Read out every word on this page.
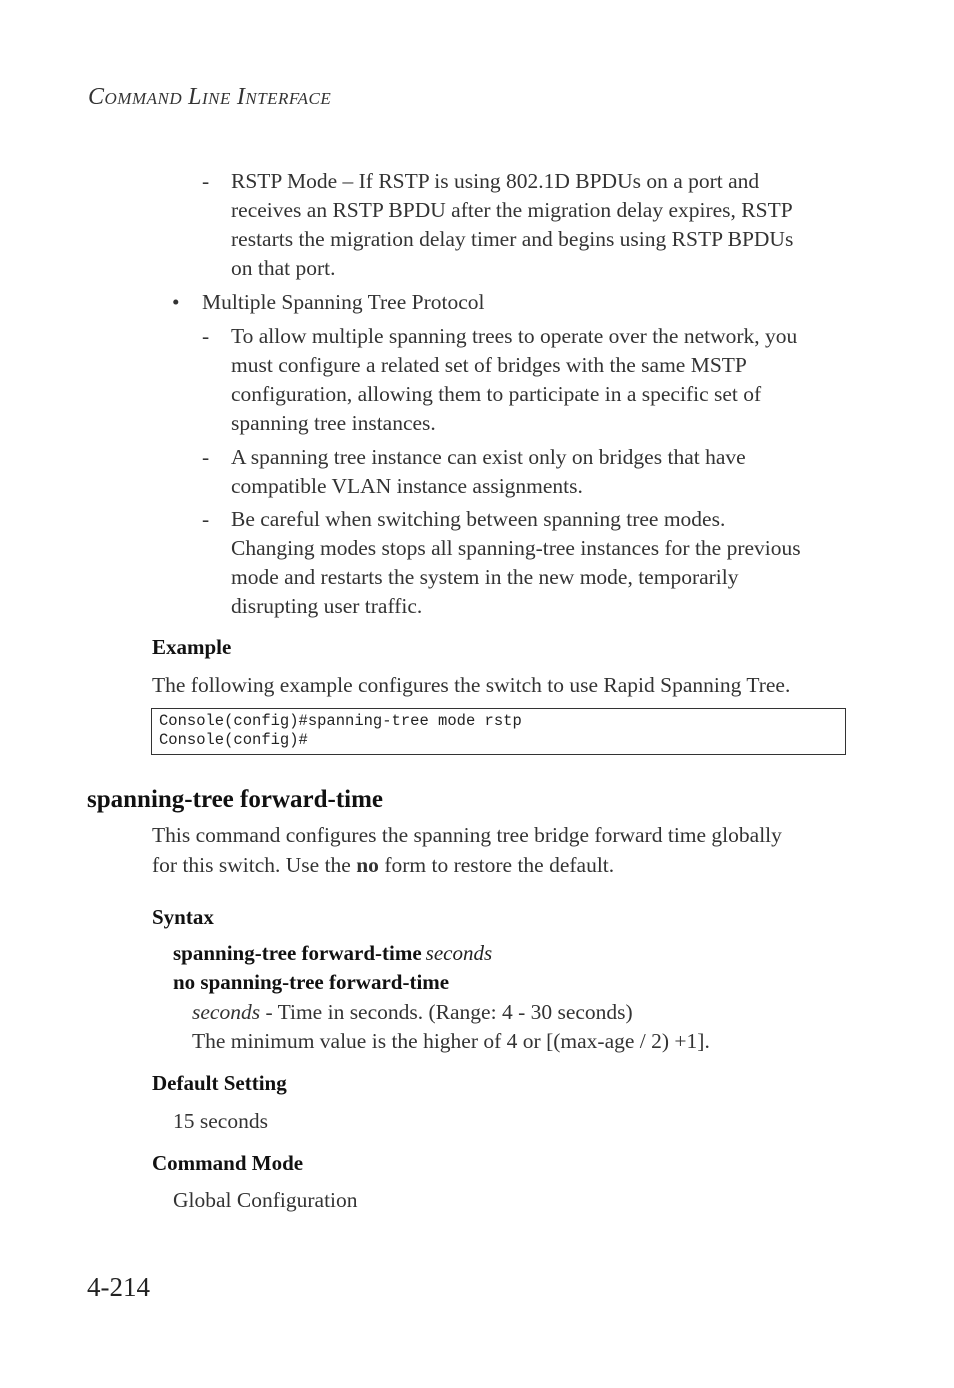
COMMAND LINE INTERFACE
- RSTP Mode – If RSTP is using 802.1D BPDUs on a port and
receives an RSTP BPDU after the migration delay expires, RSTP
restarts the migration delay timer and begins using RSTP BPDUs
on that port.
• Multiple Spanning Tree Protocol
- To allow multiple spanning trees to operate over the network, you
must configure a related set of bridges with the same MSTP
configuration, allowing them to participate in a specific set of
spanning tree instances.
- A spanning tree instance can exist only on bridges that have
compatible VLAN instance assignments.
- Be careful when switching between spanning tree modes.
Changing modes stops all spanning-tree instances for the previous
mode and restarts the system in the new mode, temporarily
disrupting user traffic.
Example
The following example configures the switch to use Rapid Spanning Tree.
Console(config)#spanning-tree mode rstp
Console(config)#
spanning-tree forward-time
This command configures the spanning tree bridge forward time globally
for this switch. Use the no form to restore the default.
Syntax
spanning-tree forward-time seconds
no spanning-tree forward-time
seconds - Time in seconds. (Range: 4 - 30 seconds)
The minimum value is the higher of 4 or [(max-age / 2) +1].
Default Setting
15 seconds
Command Mode
Global Configuration
4-214
